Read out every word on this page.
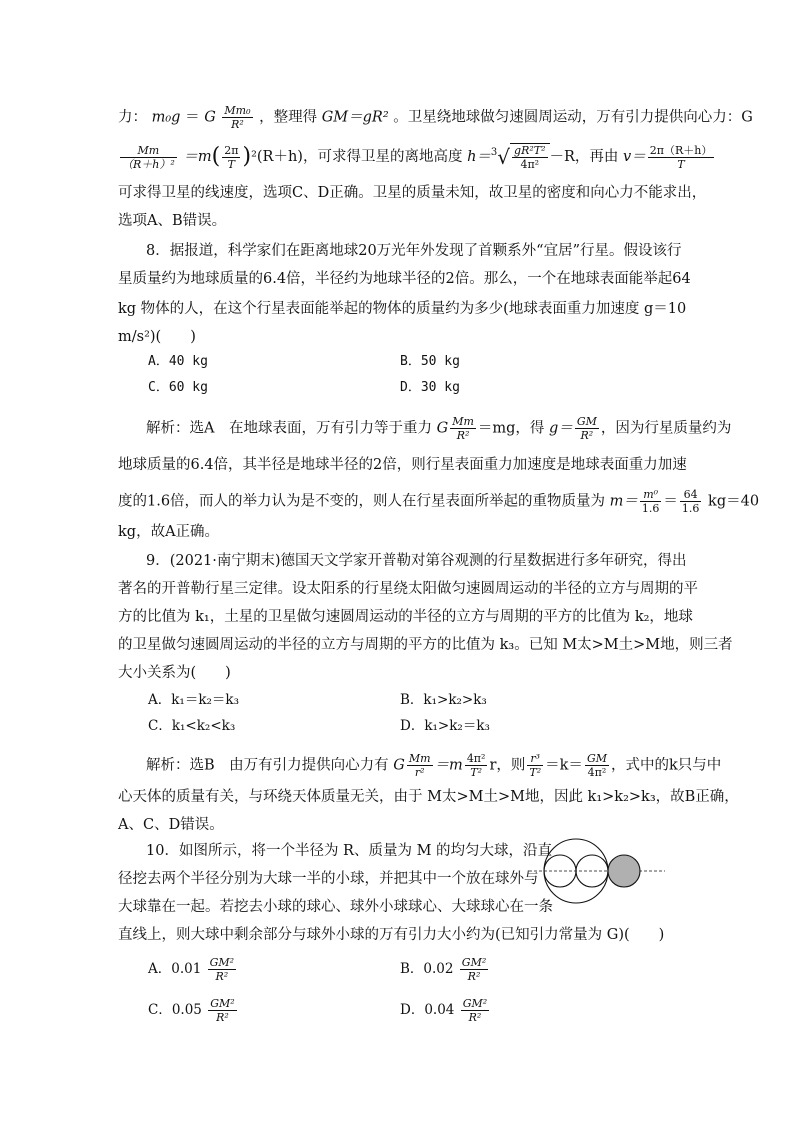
力： m₀g ＝ G $\frac{\text{Mm₀}}{\text{R²}}$ ，整理得 GM＝gR² 。卫星绕地球做匀速圆周运动，万有引力提供向心力：G
$\frac{Mm}{\text{（R＋h）²}} =m( \frac{2\pi}{T} )^2(R+h)$，可求得卫星的离地高度 $h=^3√ \frac{\text{gR²T²}}{\text{4π²}} -R$，再由 $v= \frac{2\pi(R+h)}{T}$
可求得卫星的线速度，选项C、D正确。卫星的质量未知，故卫星的密度和向心力不能求出，
选项A、B错误。
8．据报道，科学家们在距离地球20万光年外发现了首颗系外“宜居”行星。假设该行
星质量约为地球质量的6.4倍，半径约为地球半径的2倍。那么，一个在地球表面能举起64
kg 物体的人，在这个行星表面能举起的物体的质量约为多少(地球表面重力加速度 g＝10
m/s²)(　　)
A．40 kg	B．50 kg
C．60 kg	D．30 kg
解析：选A　在地球表面，万有引力等于重力 G $\frac{Mm}{\text{R²}} =mg$，得 $g= \frac{GM}{\text{R²}}$ ，因为行星质量约为
地球质量的6.4倍，其半径是地球半径的2倍，则行星表面重力加速度是地球表面重力加速
度的1.6倍，而人的举力认为是不变的，则人在行星表面所举起的重物质量为 $m= \frac{\text{m⁰}}{1.6} = \frac{64}{1.6} kg=40$
kg，故A正确。
9．(2021·南宁期末)德国天文学家开普勒对第谷观测的行星数据进行多年研究，得出
著名的开普勒行星三定律。设太阳系的行星绕太阳做匀速圆周运动的半径的立方与周期的平
方的比值为 k₁，土星的卫星做匀速圆周运动的半径的立方与周期的平方的比值为 k₂，地球
的卫星做匀速圆周运动的半径的立方与周期的平方的比值为 k₃。已知 M太>M土>M地，则三者
大小关系为(　　)
A．k₁＝k₂＝k₃	B．k₁>k₂>k₃
C．k₁<k₂<k₃	D．k₁>k₂＝k₃
解析：选B　由万有引力提供向心力有 G $\frac{Mm}{\text{r²}} =m \frac{\text{4π²}}{\text{T²}}$ r，则 $\frac{\text{r³}}{\text{T²}} =k= \frac{GM}{\text{4π²}}$ ，式中的k只与中
心天体的质量有关，与环绕天体质量无关，由于 M太>M土>M地，因此 k₁>k₂>k₃，故B正确，
A、C、D错误。
10．如图所示，将一个半径为 R、质量为 M 的均匀大球，沿直
径挖去两个半径分别为大球一半的小球，并把其中一个放在球外与
大球靠在一起。若挖去小球的球心、球外小球球心、大球球心在一条
直线上，则大球中剩余部分与球外小球的万有引力大小约为(已知引力常量为 G)(　　)
A．$0.01 \frac{\text{GM²}}{\text{R²}}$	B．$0.02 \frac{\text{GM²}}{\text{R²}}$
C．$0.05 \frac{\text{GM²}}{\text{R²}}$	D．$0.04 \frac{\text{GM²}}{\text{R²}}$
